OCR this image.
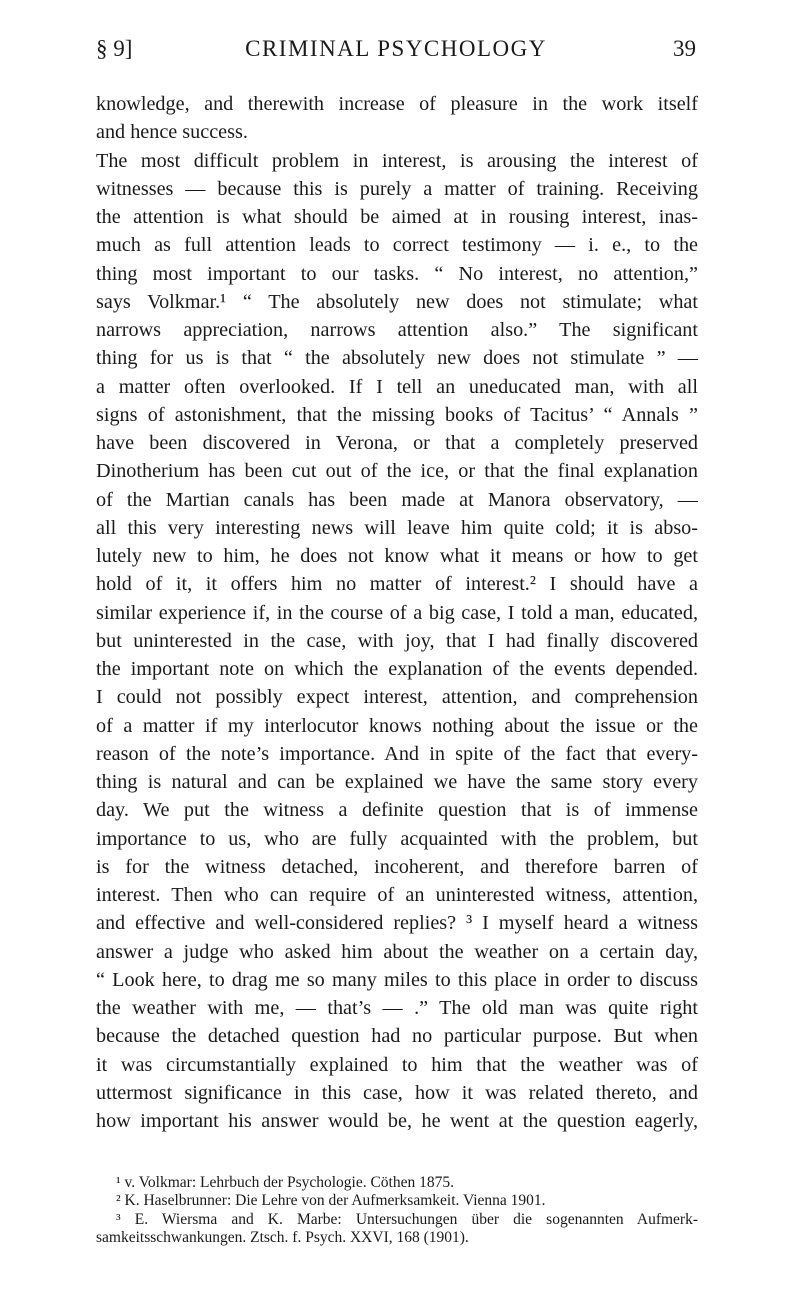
§ 9]	CRIMINAL PSYCHOLOGY	39

knowledge, and therewith increase of pleasure in the work itself

and hence success.

The most difficult problem in interest, is arousing the interest of

witnesses — because this is purely a matter of training. Receiving

the attention is what should be aimed at in rousing interest, inas-

much as full attention leads to correct testimony — i. e., to the

thing most important to our tasks. “ No interest, no attention,”

says Volkmar.¹ “ The absolutely new does not stimulate; what

narrows appreciation, narrows attention also.” The significant

thing for us is that “ the absolutely new does not stimulate ” —

a matter often overlooked. If I tell an uneducated man, with all

signs of astonishment, that the missing books of Tacitus’ “ Annals ”

have been discovered in Verona, or that a completely preserved

Dinotherium has been cut out of the ice, or that the final explanation

of the Martian canals has been made at Manora observatory, —

all this very interesting news will leave him quite cold; it is abso-

lutely new to him, he does not know what it means or how to get

hold of it, it offers him no matter of interest.² I should have a

similar experience if, in the course of a big case, I told a man, educated,

but uninterested in the case, with joy, that I had finally discovered

the important note on which the explanation of the events depended.

I could not possibly expect interest, attention, and comprehension

of a matter if my interlocutor knows nothing about the issue or the

reason of the note’s importance. And in spite of the fact that every-

thing is natural and can be explained we have the same story every

day. We put the witness a definite question that is of immense

importance to us, who are fully acquainted with the problem, but

is for the witness detached, incoherent, and therefore barren of

interest. Then who can require of an uninterested witness, attention,

and effective and well-considered replies? ³ I myself heard a witness

answer a judge who asked him about the weather on a certain day,

“ Look here, to drag me so many miles to this place in order to discuss

the weather with me, — that’s — .” The old man was quite right

because the detached question had no particular purpose. But when

it was circumstantially explained to him that the weather was of

uttermost significance in this case, how it was related thereto, and

how important his answer would be, he went at the question eagerly,

¹ v. Volkmar: Lehrbuch der Psychologie. Cöthen 1875.

² K. Haselbrunner: Die Lehre von der Aufmerksamkeit. Vienna 1901.

³ E. Wiersma and K. Marbe: Untersuchungen über die sogenannten Aufmerk-

samkeitsschwankungen. Ztsch. f. Psych. XXVI, 168 (1901).
